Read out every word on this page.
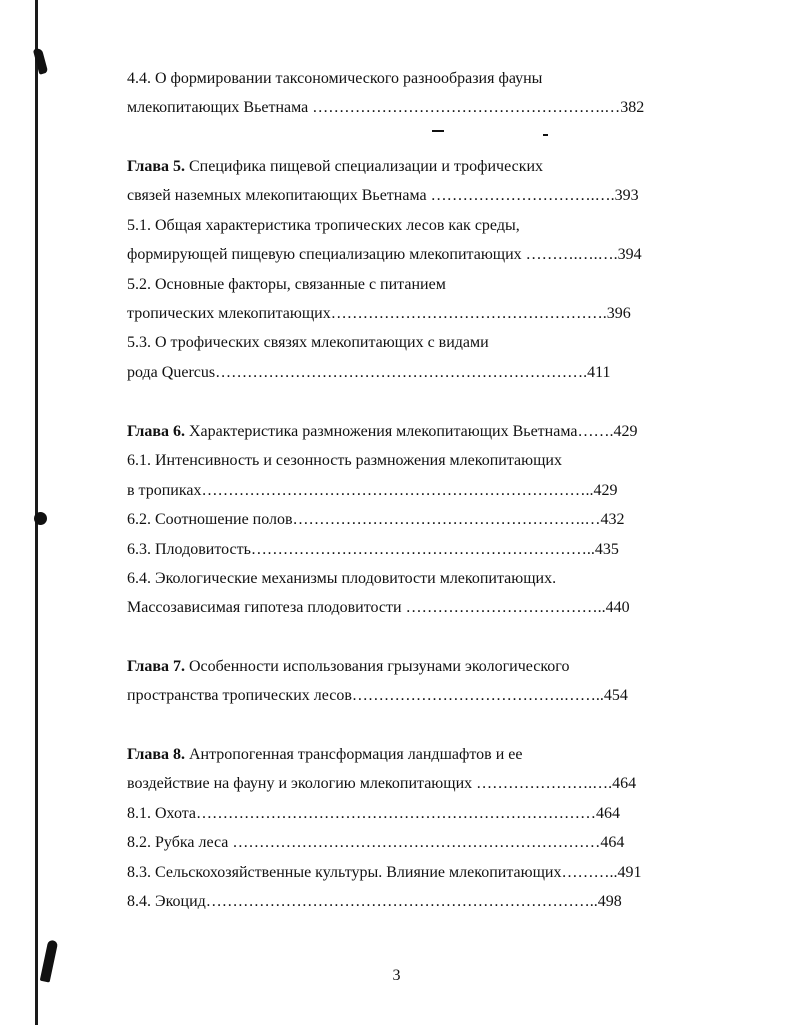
4.4. О формировании таксономического разнообразия фауны
млекопитающих Вьетнама ……………………………………………….…382
Глава 5. Специфика пищевой специализации и трофических
связей наземных млекопитающих Вьетнама ………………………….….393
5.1. Общая характеристика тропических лесов как среды,
формирующей пищевую специализацию млекопитающих ……….….….394
5.2. Основные факторы, связанные с питанием
тропических млекопитающих…………………………………………….396
5.3. О трофических связях млекопитающих с видами
рода Quercus…………………………………………………………….411
Глава 6. Характеристика размножения млекопитающих Вьетнама…….429
6.1. Интенсивность и сезонность размножения млекопитающих
в тропиках………………………………………………………………..429
6.2. Соотношение полов……………………………………………….…432
6.3. Плодовитость………………………………………………………..435
6.4. Экологические механизмы плодовитости млекопитающих.
Массозависимая гипотеза плодовитости ………………………………..440
Глава 7. Особенности использования грызунами экологического
пространства тропических лесов………………………………….……..454
Глава 8. Антропогенная трансформация ландшафтов и ее
воздействие на фауну и экологию млекопитающих ………………….….464
8.1. Охота…………………………………………………………………464
8.2. Рубка леса ……………………………………………………………464
8.3. Сельскохозяйственные культуры. Влияние млекопитающих………..491
8.4. Экоцид………………………………………………………………..498
3
